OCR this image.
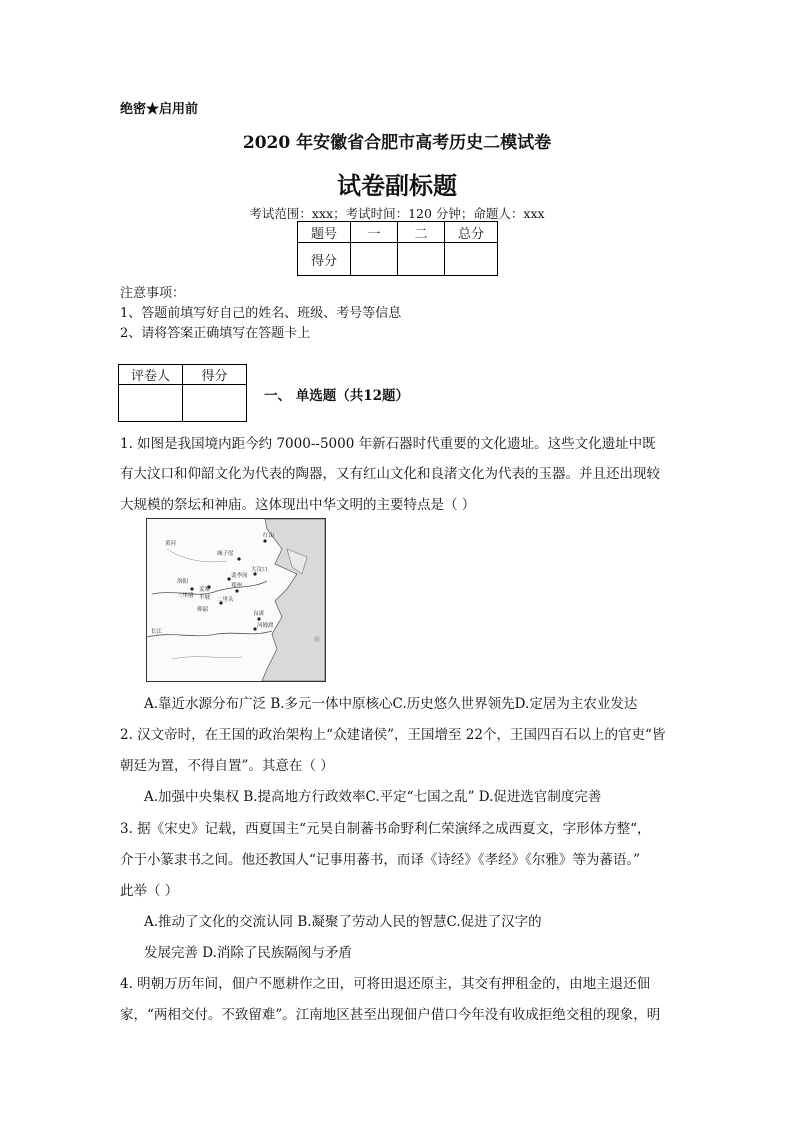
绝密★启用前
2020 年安徽省合肥市高考历史二模试卷
试卷副标题
考试范围：xxx；考试时间：120 分钟；命题人：xxx
题号	一	二	总分
得分			
注意事项：
1、答题前填写好自己的姓名、班级、考号等信息
2、请将答案正确填写在答题卡上
评卷人	得分

一、 单选题（共12题）
1. 如图是我国境内距今约 7000--5000 年新石器时代重要的文化遗址。这些文化遗址中既
有大汶口和仰韶文化为代表的陶器，又有红山文化和良渚文化为代表的玉器。并且还出现较
大规模的祭坛和神庙。这体现出中华文明的主要特点是（ ）
红山
城子崖
河姆渡
三里墩
姜寨
半坡
大汶口
良渚
裴李岗
仰韶
洛阳
郑州
二里头
长江
黄河
A.靠近水源分布广泛 B.多元一体中原核心C.历史悠久世界领先D.定居为主农业发达
2. 汉文帝时，在王国的政治架构上“众建诸侯”，王国增至 22个，王国四百石以上的官吏“皆
朝廷为置，不得自置”。其意在（ ）
A.加强中央集权 B.提高地方行政效率C.平定“七国之乱” D.促进选官制度完善
3. 据《宋史》记载，西夏国主“元昊自制蕃书命野利仁荣演绎之成西夏文，字形体方整“，
介于小篆隶书之间。他还教国人“记事用蕃书，而译《诗经》《孝经》《尔雅》等为蕃语。”
此举（ ）
A.推动了文化的交流认同 B.凝聚了劳动人民的智慧C.促进了汉字的
发展完善 D.消除了民族隔阂与矛盾
4. 明朝万历年间，佃户不愿耕作之田，可将田退还原主，其交有押租金的，由地主退还佃
家，“两相交付。不致留难”。江南地区甚至出现佃户借口今年没有收成拒绝交租的现象，明
